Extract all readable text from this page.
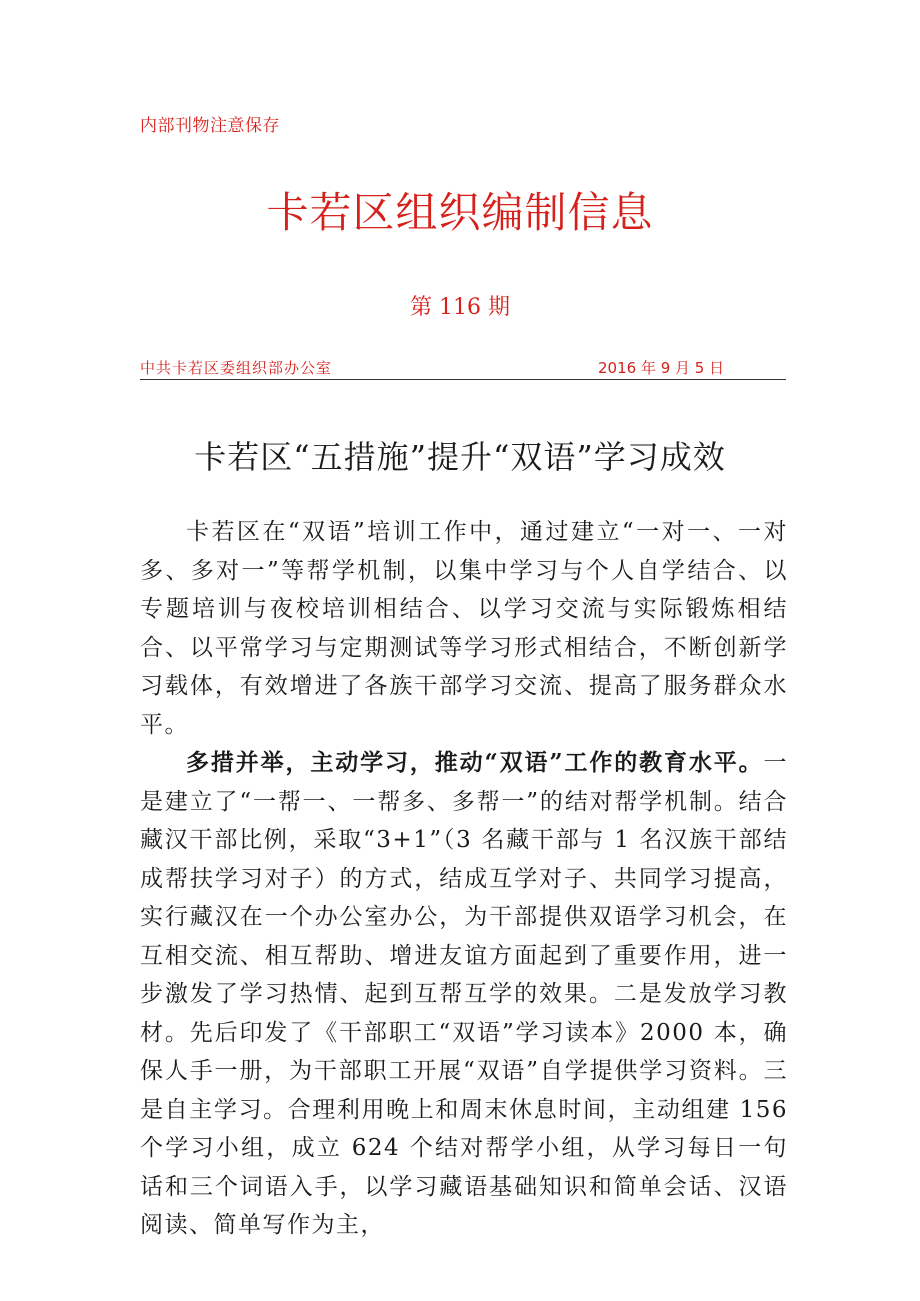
内部刊物注意保存
卡若区组织编制信息
第 116 期
中共卡若区委组织部办公室	2016 年 9 月 5 日
卡若区“五措施”提升“双语”学习成效

卡若区在“双语”培训工作中，通过建立“一对一、一对多、多对一”等帮学机制，以集中学习与个人自学结合、以专题培训与夜校培训相结合、以学习交流与实际锻炼相结合、以平常学习与定期测试等学习形式相结合，不断创新学习载体，有效增进了各族干部学习交流、提高了服务群众水平。

多措并举，主动学习，推动“双语”工作的教育水平。一是建立了“一帮一、一帮多、多帮一”的结对帮学机制。结合藏汉干部比例，采取“3+1”（3 名藏干部与 1 名汉族干部结成帮扶学习对子）的方式，结成互学对子、共同学习提高，实行藏汉在一个办公室办公，为干部提供双语学习机会，在互相交流、相互帮助、增进友谊方面起到了重要作用，进一步激发了学习热情、起到互帮互学的效果。二是发放学习教材。先后印发了《干部职工“双语”学习读本》2000 本，确保人手一册，为干部职工开展“双语”自学提供学习资料。三是自主学习。合理利用晚上和周末休息时间，主动组建 156 个学习小组，成立 624 个结对帮学小组，从学习每日一句话和三个词语入手，以学习藏语基础知识和简单会话、汉语阅读、简单写作为主，
